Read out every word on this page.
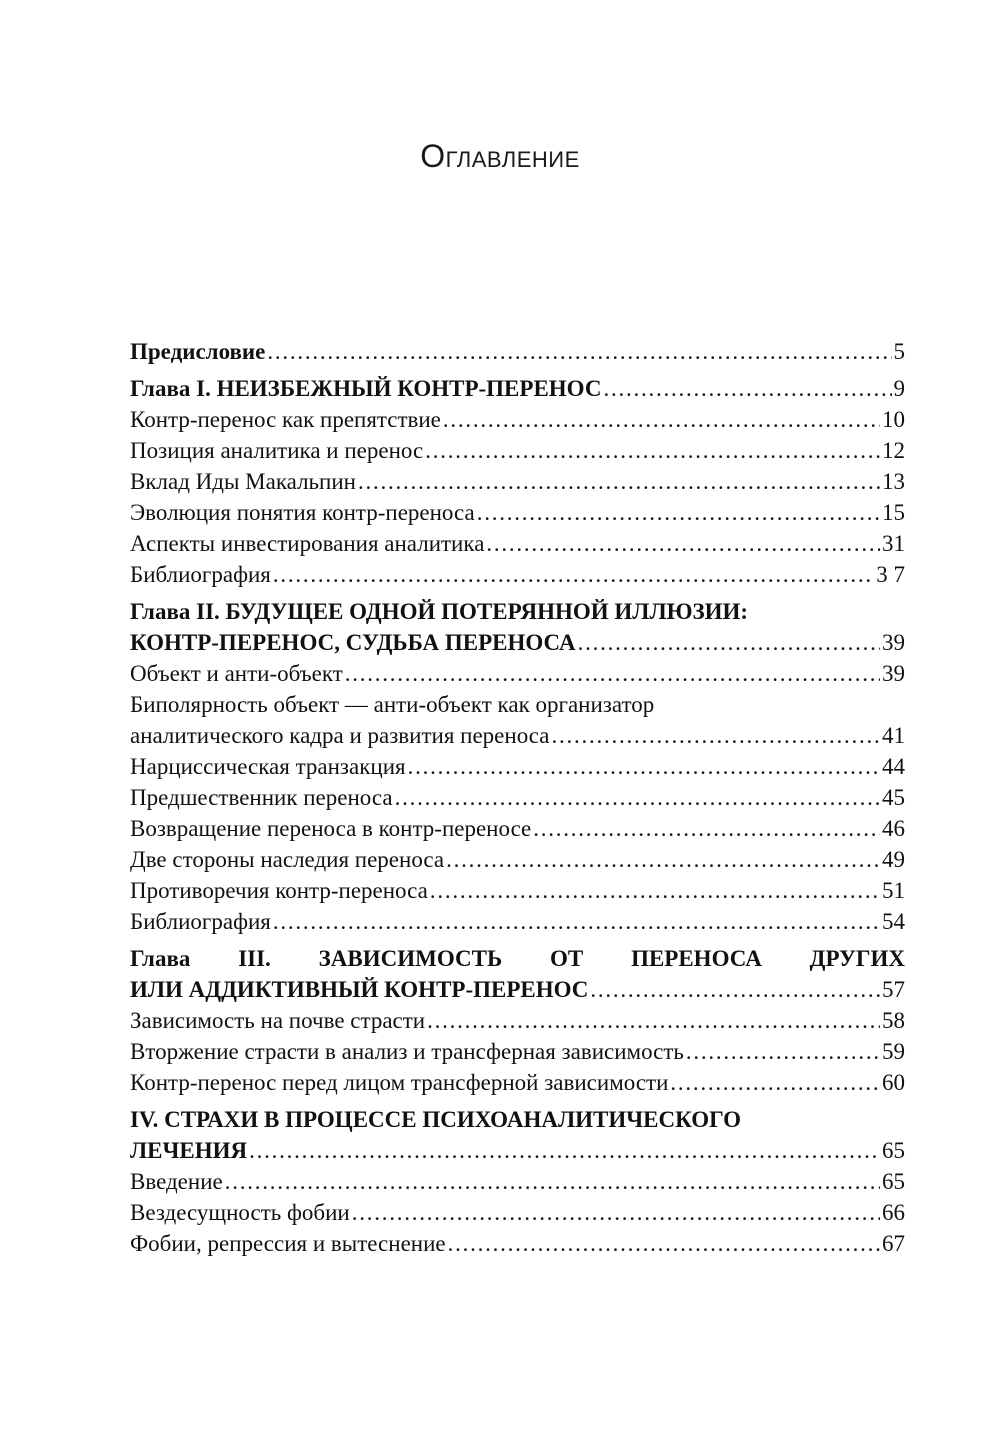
Оглавление
Предисловие . . .	5
Глава I. НЕИЗБЕЖНЫЙ КОНТР-ПЕРЕНОС . . .	9
Контр-перенос как препятствие . . .	10
Позиция аналитика и перенос . . .	12
Вклад Иды Макальпин . . .	13
Эволюция понятия контр-переноса . . .	15
Аспекты инвестирования аналитика . . .	31
Библиография . . .	3 7
Глава II. БУДУЩЕЕ ОДНОЙ ПОТЕРЯННОЙ ИЛЛЮЗИИ:
КОНТР-ПЕРЕНОС, СУДЬБА ПЕРЕНОСА . . .	39
Объект и анти-объект . . .	39
Биполярность объект — анти-объект как организатор
аналитического кадра и развития переноса . . .	41
Нарциссическая транзакция . . .	44
Предшественник переноса . . .	45
Возвращение переноса в контр-переносе . . .	46
Две стороны наследия переноса . . .	49
Противоречия контр-переноса . . .	51
Библиография . . .	54
Глава III. ЗАВИСИМОСТЬ ОТ ПЕРЕНОСА ДРУГИХ
ИЛИ АДДИКТИВНЫЙ КОНТР-ПЕРЕНОС . . .	57
Зависимость на почве страсти . . .	58
Вторжение страсти в анализ и трансферная зависимость . . .	59
Контр-перенос перед лицом трансферной зависимости . . .	60
IV. СТРАХИ В ПРОЦЕССЕ ПСИХОАНАЛИТИЧЕСКОГО
ЛЕЧЕНИЯ . . .	65
Введение . . .	65
Вездесущность фобии . . .	66
Фобии, репрессия и вытеснение . . .	67
